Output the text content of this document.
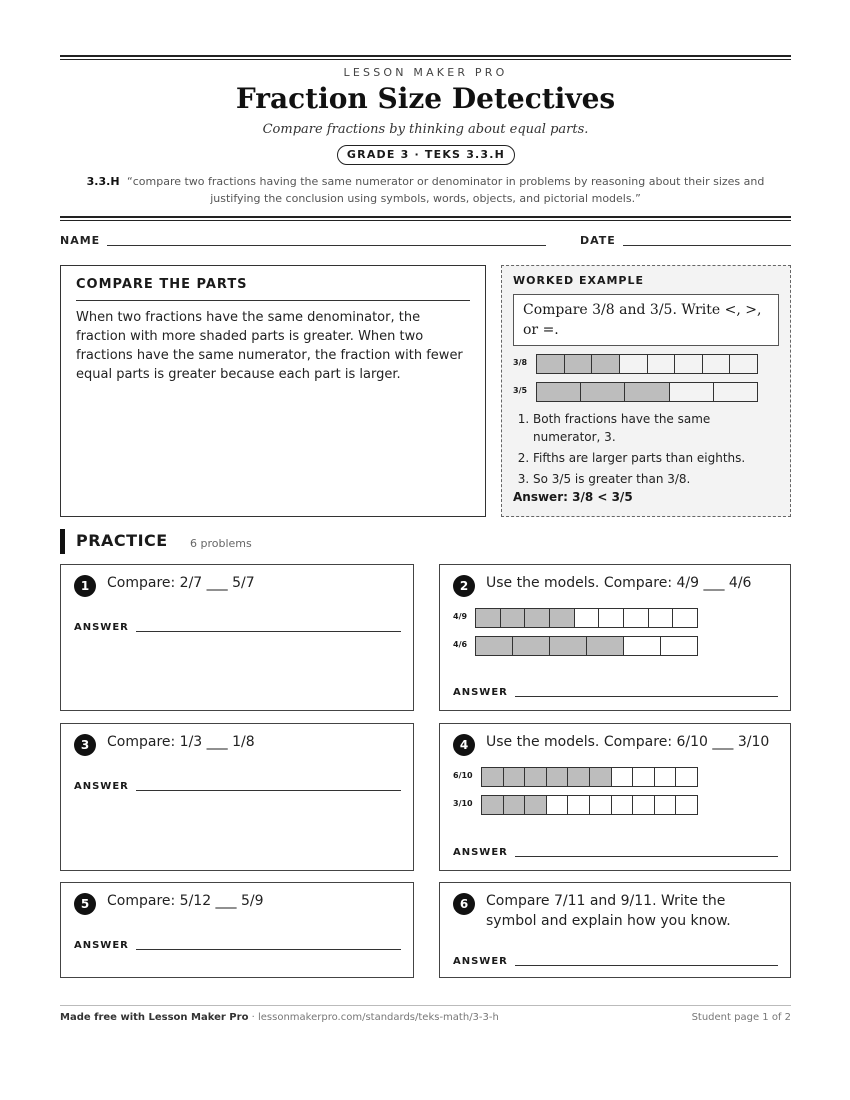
LESSON MAKER PRO
Fraction Size Detectives
Compare fractions by thinking about equal parts.
GRADE 3 · TEKS 3.3.H
3.3.H “compare two fractions having the same numerator or denominator in problems by reasoning about their sizes and justifying the conclusion using symbols, words, objects, and pictorial models.”
NAME	DATE
COMPARE THE PARTS
When two fractions have the same denominator, the fraction with more shaded parts is greater. When two fractions have the same numerator, the fraction with fewer equal parts is greater because each part is larger.
WORKED EXAMPLE
Compare 3/8 and 3/5. Write <, >, or =.
3/8
3/5
1. Both fractions have the same numerator, 3.
2. Fifths are larger parts than eighths.
3. So 3/5 is greater than 3/8.
Answer: 3/8 < 3/5
PRACTICE 6 problems
1	Compare: 2/7 ___ 5/7
ANSWER
2	Use the models. Compare: 4/9 ___ 4/6
4/9
4/6
ANSWER
3	Compare: 1/3 ___ 1/8
ANSWER
4	Use the models. Compare: 6/10 ___ 3/10
6/10
3/10
ANSWER
5	Compare: 5/12 ___ 5/9
ANSWER
6	Compare 7/11 and 9/11. Write the symbol and explain how you know.
ANSWER
Made free with Lesson Maker Pro · lessonmakerpro.com/standards/teks-math/3-3-h	Student page 1 of 2
